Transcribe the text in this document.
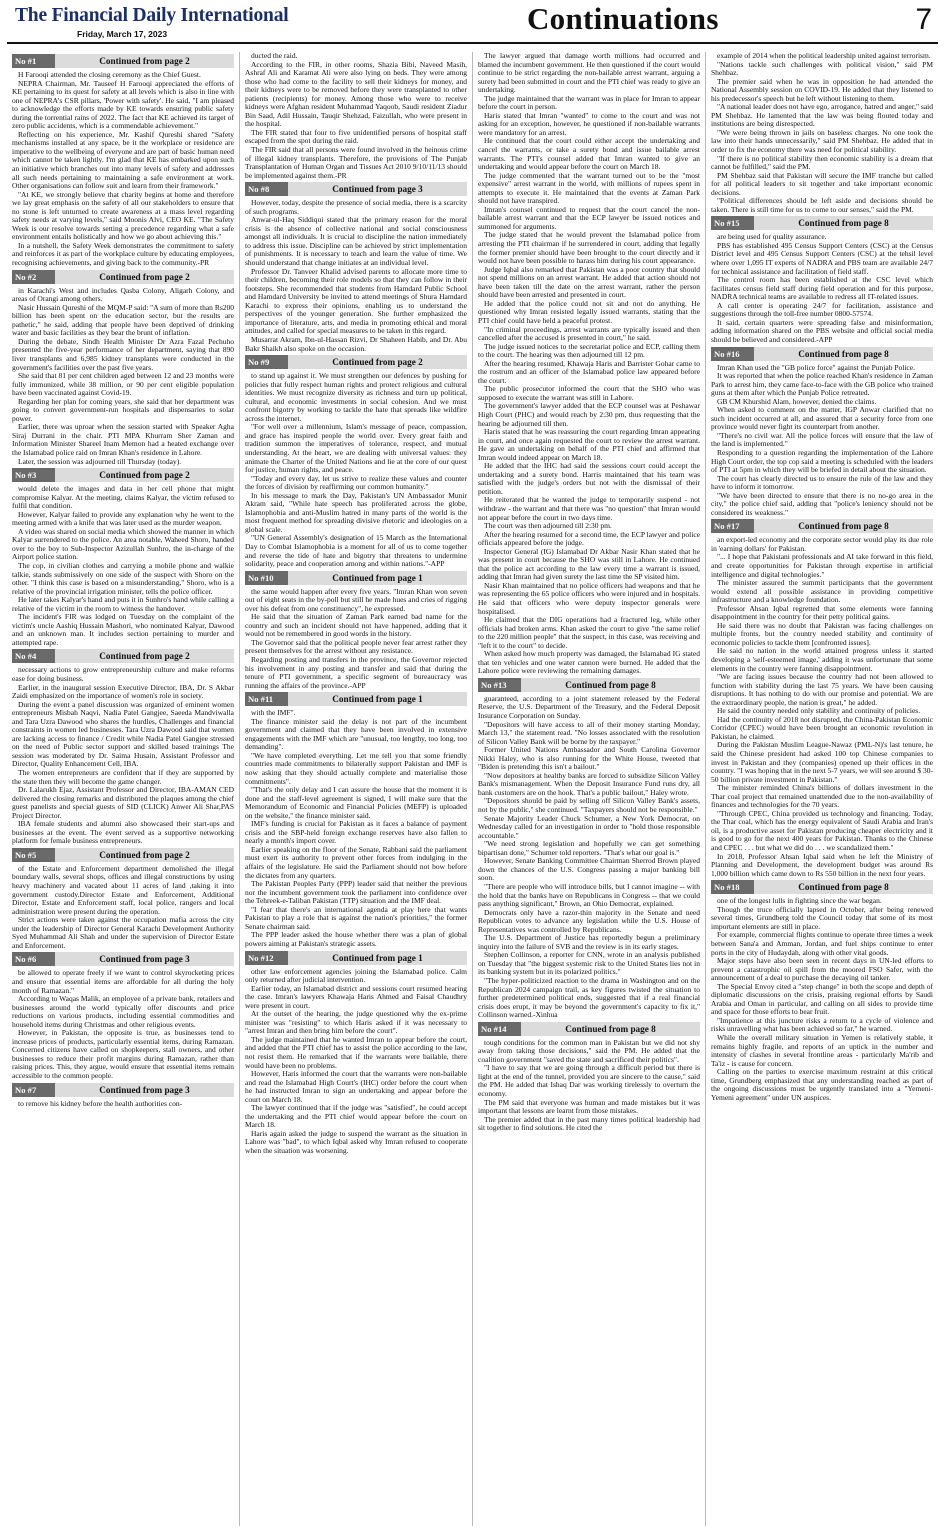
The Financial Daily International
Friday, March 17, 2023	Continuations	7
No #1	Continued from page 2

H Farooqi attended the closing ceremony as the Chief Guest.

NEPRA Chairman, Mr. Tauseef H Farooqi appreciated the efforts of KE pertaining to its quest for safety at all levels which is also in line with one of NEPRA's CSR pillars, 'Power with safety'. He said, "I am pleased to acknowledge the efforts made by KE towards ensuring public safety during the torrential rains of 2022. The fact that KE achieved its target of zero public accidents, which is a commendable achievement."

Reflecting on his experience, Mr. Kashif Qureshi shared "Safety mechanisms installed at any space, be it the workplace or residence are imperative to the wellbeing of everyone and are part of basic human need which cannot be taken lightly. I'm glad that KE has embarked upon such an initiative which branches out into many levels of safety and addresses all such needs pertaining to maintaining a safe environment at work. Other organisations can follow suit and learn from their framework."

"At KE, we strongly believe that charity begins at home and therefore we lay great emphasis on the safety of all our stakeholders to ensure that no stone is left unturned to create awareness at a mass level regarding safety needs at varying levels," said Moonis Alvi, CEO KE. "The Safety Week is our resolve towards setting a precedence regarding what a safe environment entails holistically and how we go about achieving this."

In a nutshell, the Safety Week demonstrates the commitment to safety and reinforces it as part of the workplace culture by educating employees, recognising achievements, and giving back to the community.-PR

No #2	Continued from page 2

in Karachi's West and includes Qasba Colony, Aligarh Colony, and areas of Orangi among others.

Nasir Hussain Qureshi of the MQM-P said: "A sum of more than Rs200 billion has been spent on the education sector, but the results are pathetic," he said, adding that people have been deprived of drinking water and basic facilities as they bear the brunt of inflation.

During the debate, Sindh Health Minister Dr Azra Fazal Pechuho presented the five-year performance of her department, saying that 890 liver transplants and 6,985 kidney transplants were conducted in the government's facilities over the past five years.

She said that 81 per cent children aged between 12 and 23 months were fully immunized, while 38 million, or 90 per cent eligible population have been vaccinated against Covid-19.

Regarding her plan for coming years, she said that her department was going to convert government-run hospitals and dispensaries to solar power.

Earlier, there was uproar when the session started with Speaker Agha Siraj Durrani in the chair. PTI MPA Khurram Sher Zaman and Information Minister Shareel Inam Memon had a heated exchange over the Islamabad police raid on Imran Khan's residence in Lahore.

Later, the session was adjourned till Thursday (today).

No #3	Continued from page 2

would delete the images and data in her cell phone that might compromise Kalyar. At the meeting, claims Kalyar, the victim refused to fulfil that condition.

However, Kalyar failed to provide any explanation why he went to the meeting armed with a knife that was later used as the murder weapon.

A video was shared on social media which showed the manner in which Kalyar surrendered to the police. An area notable, Waheed Shoro, handed over to the boy to Sub-Inspector Azizullah Sunhro, the in-charge of the Airport police station.

The cop, in civilian clothes and carrying a mobile phone and walkie talkie, stands submissively on one side of the suspect with Shoro on the other. "I think this case is based on a misunderstanding," Shoro, who is a relative of the provincial irrigation minister, tells the police officer.

He later takes Kalyar's hand and puts it in Sunhro's hand while calling a relative of the victim in the room to witness the handover.

The incident's FIR was lodged on Tuesday on the complaint of the victim's uncle Aashiq Hussain Mashori, who nominated Kalyar, Dawood and an unknown man. It includes section pertaining to murder and attempted rape.

No #4	Continued from page 2

necessary actions to grow entrepreneurship culture and make reforms ease for doing business.

Earlier, in the inaugural session Executive Director, IBA, Dr. S Akbar Zaidi emphasized on the importance of women's role in society.

During the event a panel discussion was organized of eminent women entrepreneurs Misbah Naqvi, Nadia Patel Gangjee, Saeeda Mandviwalla and Tara Uzra Dawood who shares the hurdles, Challenges and financial constraints in women led businesses. Tara Uzra Dawood said that women are lacking access to finance / Credit while Nadia Patel Gangjee stressed on the need of Public sector support and skilled based trainings The session was moderated by Dr. Saima Husain, Assistant Professor and Director, Quality Enhancement Cell, IBA.

The women entrepreneurs are confident that if they are supported by the state then they will become the game changer.

Dr. Lalarukh Ejaz, Assistant Professor and Director, IBA-AMAN CED delivered the closing remarks and distributed the plaques among the chief guest panelists and special guests of SID (CLICK) Anwer Ali Shar,PAS Project Director.

IBA female students and alumni also showcased their start-ups and businesses at the event. The event served as a supportive networking platform for female business entrepreneurs.

No #5	Continued from page 2

of the Estate and Enforcement department demolished the illegal boundary walls, several shops, offices and illegal constructions by using heavy machinery and vacated about 11 acres of land ,taking it into government custody.Director Estate and Enforcement, Additional Director, Estate and Enforcement staff, local police, rangers and local administration were present during the operation.

Strict actions were taken against the occupation mafia across the city under the leadership of Director General Karachi Development Authority Syed Muhammad Ali Shah and under the supervision of Director Estate and Enforcement.

No #6	Continued from page 3

be allowed to operate freely if we want to control skyrocketing prices and ensure that essential items are affordable for all during the holy month of Ramazan."

According to Waqas Malik, an employee of a private bank, retailers and businesses around the world typically offer discounts and price reductions on various products, including essential commodities and household items during Christmas and other religious events.

However, in Pakistan, the opposite is true, as businesses tend to increase prices of products, particularly essential items, during Ramazan. Concerned citizens have called on shopkeepers, stall owners, and other businesses to reduce their profit margins during Ramazan, rather than raising prices. This, they argue, would ensure that essential items remain accessible to the common people.

No #7	Continued from page 3

to remove his kidney before the health authorities con-

ducted the raid.

According to the FIR, in other rooms, Shazia Bibi, Naveed Masih, Ashraf Ali and Karamat Ali were also lying on beds. They were among those who had come to the facility to sell their kidneys for money, and their kidneys were to be removed before they were transplanted to other patients (recipients) for money. Among those who were to receive kidneys were Afghan resident Muhammad Yaqoob, Saudi resident Ziadur Bin Saad, Adil Hussain, Tauqir Shehzad, Faizullah, who were present in the hospital.

The FIR stated that four to five unidentified persons of hospital staff escaped from the spot during the raid.

The FIR said that all persons were found involved in the heinous crime of illegal kidney transplants. Therefore, the provisions of The Punjab Transplantation of Human Organ and Tissues Act 2010 9/10/11/13 should be implemented against them.-PR

No #8	Continued from page 3

However, today, despite the presence of social media, there is a scarcity of such programs.

Anwar-ul-Haq Siddiqui stated that the primary reason for the moral crisis is the absence of collective national and social consciousness amongst all individuals. It is crucial to discipline the nation immediately to address this issue. Discipline can be achieved by strict implementation of punishments. It is necessary to teach and learn the value of time. We should understand that change initiates at an individual level.

Professor Dr. Tanveer Khalid advised parents to allocate more time to their children, becoming their role models so that they can follow in their footsteps. She recommended that students from Hamdard Public School and Hamdard University be invited to attend meetings of Shura Hamdard Karachi to express their opinions, enabling us to understand the perspectives of the younger generation. She further emphasized the importance of literature, arts, and media in promoting ethical and moral attitudes, and called for special measures to be taken in this regard.

Musarrat Akram, Ibn-ul-Hassan Rizvi, Dr Shaheen Habib, and Dr. Abu Bakr Shaikh also spoke on the occasion.

No #9	Continued from page 2

to stand up against it. We must strengthen our defences by pushing for policies that fully respect human rights and protect religious and cultural identities. We must recognize diversity as richness and turn up political, cultural, and economic investments in social cohesion. And we must confront bigotry by working to tackle the hate that spreads like wildfire across the internet.

"For well over a millennium, Islam's message of peace, compassion, and grace has inspired people the world over. Every great faith and tradition summon the imperatives of tolerance, respect, and mutual understanding. At the heart, we are dealing with universal values: they animate the Charter of the United Nations and lie at the core of our quest for justice, human rights, and peace.

"Today and every day, let us strive to realize these values and counter the forces of division by reaffirming our common humanity."

In his message to mark the Day, Pakistan's UN Ambassador Munir Akram said, "While hate speech has proliferated across the globe, Islamophobia and anti-Muslim hatred in many parts of the world is the most frequent method for spreading divisive rhetoric and ideologies on a global scale.

"UN General Assembly's designation of 15 March as the International Day to Combat Islamophobia is a moment for all of us to come together and reverse the tide of hate and bigotry that threatens to undermine solidarity, peace and cooperation among and within nations."-APP

No #10	Continued from page 1

the same would happen after every five years. "Imran Khan won seven out of eight seats in the by-poll but still he made hues and cries of rigging over his defeat from one constituency", he expressed.

He said that the situation of Zaman Park earned bad name for the country and such an incident should not have happened, adding that it would not be remembered in good words in the history.

The Governor said that the political people never fear arrest rather they present themselves for the arrest without any resistance.

Regarding posting and transfers in the province, the Governor rejected his involvement in any posting and transfer and said that during the tenure of PTI government, a specific segment of bureaucracy was running the affairs of the province.-APP

No #11	Continued from page 1

with the IMF".

The finance minister said the delay is not part of the incumbent government and claimed that they have been involved in extensive engagements with the IMF which are "unusual, too lengthy, too long, too demanding".

"We have completed everything. Let me tell you that some friendly countries made commitments to bilaterally support Pakistan and IMF is now asking that they should actually complete and materialise those commitments".

"That's the only delay and I can assure the house that the moment it is done and the staff-level agreement is signed, I will make sure that the Memorandum of Economic and Financial Policies (MEFP) is uploaded on the website," the finance minister said.

IMF's funding is crucial for Pakistan as it faces a balance of payment crisis and the SBP-held foreign exchange reserves have also fallen to nearly a month's import cover.

Earlier speaking on the floor of the Senate, Rabbani said the parliament must exert its authority to prevent other forces from indulging in the affairs of the legislature. He said the Parliament should not bow before the dictates from any quarters.

The Pakistan Peoples Party (PPP) leader said that neither the previous nor the incumbent government took the parliament into confidence over the Tehreek-e-Taliban Pakistan (TTP) situation and the IMF deal.

"I fear that there's an international agenda at play here that wants Pakistan to play a role that is against the nation's priorities," the former Senate chairman said.

The PPP leader asked the house whether there was a plan of global powers aiming at Pakistan's strategic assets.

No #12	Continued from page 1

other law enforcement agencies joining the Islamabad police. Calm only returned after judicial intervention.

Earlier today, an Islamabad district and sessions court resumed hearing the case. Imran's lawyers Khawaja Haris Ahmed and Faisal Chaudhry were present in court.

At the outset of the hearing, the judge questioned why the ex-prime minister was "resisting" to which Haris asked if it was necessary to "arrest Imran and then bring him before the court".

The judge maintained that he wanted Imran to appear before the court, and added that the PTI chief has to assist the police according to the law, not resist them. He remarked that if the warrants were bailable, there would have been no problems.

However, Haris informed the court that the warrants were non-bailable and read the Islamabad High Court's (IHC) order before the court when he had instructed Imran to sign an undertaking and appear before the court on March 18.

The lawyer continued that if the judge was "satisfied", he could accept the undertaking and the PTI chief would appear before the court on March 18.

Haris again asked the judge to suspend the warrant as the situation in Lahore was "bad", to which Iqbal asked why Imran refused to cooperate when the situation was worsening.

The lawyer argued that damage worth millions had occurred and blamed the incumbent government. He then questioned if the court would continue to be strict regarding the non-bailable arrest warrant, arguing a surety had been submitted in court and the PTI chief was ready to give an undertaking.

The judge maintained that the warrant was in place for Imran to appear before the court in person.

Haris stated that Imran "wanted" to come to the court and was not asking for an exception, however, he questioned if non-bailable warrants were mandatory for an arrest.

He continued that the court could either accept the undertaking and cancel the warrants, or take a surety bond and issue bailable arrest warrants. The PTI's counsel added that Imran wanted to give an undertaking and would appear before the court on March 18.

The judge commented that the warrant turned out to be the "most expensive" arrest warrant in the world, with millions of rupees spent in attempts to execute it. He maintained that the events at Zaman Park should not have transpired.

Imran's counsel continued to request that the court cancel the non-bailable arrest warrant and that the ECP lawyer be issued notices and summoned for arguments.

The judge stated that he would prevent the Islamabad police from arresting the PTI chairman if he surrendered in court, adding that legally the former premier should have been brought to the court directly and it would not have been possible to harass him during his court appearance.

Judge Iqbal also remarked that Pakistan was a poor country that should not spend millions on an arrest warrant. He added that action should not have been taken till the date on the arrest warrant, rather the person should have been arrested and presented in court.

He added that the police could not sit and not do anything. He questioned why Imran resisted legally issued warrants, stating that the PTI chief could have held a peaceful protest.

"In criminal proceedings, arrest warrants are typically issued and then cancelled after the accused is presented in court," he said.

The judge issued notices to the secretariat police and ECP, calling them to the court. The hearing was then adjourned till 12 pm.

After the hearing resumed, Khawaja Haris and Barrister Gohar came to the rostrum and an officer of the Islamabad police law appeared before the court.

The public prosecutor informed the court that the SHO who was supposed to execute the warrant was still in Lahore.

The government's lawyer added that the ECP counsel was at Peshawar High Court (PHC) and would reach by 2:30 pm, thus requesting that the hearing be adjourned till then.

Haris stated that he was reassuring the court regarding Imran appearing in court, and once again requested the court to review the arrest warrant. He gave an undertaking on behalf of the PTI chief and affirmed that Imran would indeed appear on March 18.

He added that the IHC had said the sessions court could accept the undertaking and a surety bond. Harris maintained that his team was satisfied with the judge's orders but not with the dismissal of their petition.

He reiterated that he wanted the judge to temporarily suspend - not withdraw - the warrant and that there was "no question" that Imran would not appear before the court in two days time.

The court was then adjourned till 2:30 pm.

After the hearing resumed for a second time, the ECP lawyer and police officials appeared before the judge.

Inspector General (IG) Islamabad Dr Akbar Nasir Khan stated that he was present in court because the SHO was still in Lahore. He continued that the police act according to the law every time a warrant is issued, adding that Imran had given surety the last time the SP visited him.

Nasir Khan maintained that no police officers had weapons and that he was representing the 65 police officers who were injured and in hospitals. He said that officers who were deputy inspector generals were hospitalised.

He claimed that the DIG operations had a fractured leg, while other officials had broken arms. Khan asked the court to give "the same relief to the 220 million people" that the suspect, in this case, was receiving and "left it to the court" to decide.

When asked how much property was damaged, the Islamabad IG stated that ten vehicles and one water cannon were burned. He added that the Lahore police were reviewing the remaining damages.

No #13	Continued from page 8

guaranteed, according to a joint statement released by the Federal Reserve, the U.S. Department of the Treasury, and the Federal Deposit Insurance Corporation on Sunday.

"Depositors will have access to all of their money starting Monday, March 13," the statement read. "No losses associated with the resolution of Silicon Valley Bank will be borne by the taxpayer."

Former United Nations Ambassador and South Carolina Governor Nikki Haley, who is also running for the White House, tweeted that "Biden is pretending this isn't a bailout."

"Now depositors at healthy banks are forced to subsidize Silicon Valley Bank's mismanagement. When the Deposit Insurance Fund runs dry, all bank customers are on the hook. That's a public bailout," Haley wrote.

"Depositors should be paid by selling off Silicon Valley Bank's assets, not by the public," she continued. "Taxpayers should not be responsible."

Senate Majority Leader Chuck Schumer, a New York Democrat, on Wednesday called for an investigation in order to "hold those responsible accountable."

"We need strong legislation and hopefully we can get something bipartisan done," Schumer told reporters. "That's what our goal is."

However, Senate Banking Committee Chairman Sherrod Brown played down the chances of the U.S. Congress passing a major banking bill soon.

"There are people who will introduce bills, but I cannot imagine -- with the hold that the banks have on Republicans in Congress -- that we could pass anything significant," Brown, an Ohio Democrat, explained.

Democrats only have a razor-thin majority in the Senate and need Republican votes to advance any legislation while the U.S. House of Representatives was controlled by Republicans.

The U.S. Department of Justice has reportedly begun a preliminary inquiry into the failure of SVB and the review is in its early stages.

Stephen Collinson, a reporter for CNN, wrote in an analysis published on Tuesday that "the biggest systemic risk to the United States lies not in its banking system but in its polarized politics."

"The hyper-politicized reaction to the drama in Washington and on the Republican 2024 campaign trail, as key figures twisted the situation to further predetermined political ends, suggested that if a real financial crisis does erupt, it may be beyond the government's capacity to fix it," Collinson warned.-Xinhua

No #14	Continued from page 8

tough conditions for the common man in Pakistan but we did not shy away from taking those decisions," said the PM. He added that the coalition government "saved the state and sacrificed their politics".

"I have to say that we are going through a difficult period but there is light at the end of the tunnel, provided you are sincere to the cause," said the PM. He added that Ishaq Dar was working tirelessly to overturn the economy.

The PM said that everyone was human and made mistakes but it was important that lessons are learnt from those mistakes.

The premier added that in the past many times political leadership had sit together to find solutions. He cited the

example of 2014 when the political leadership united against terrorism.

"Nations tackle such challenges with political vision," said PM Shehbaz.

The premier said when he was in opposition he had attended the National Assembly session on COVID-19. He added that they listened to his predecessor's speech but he left without listening to them.

"A national leader does not have ego, arrogance, hatred and anger," said PM Shehbaz. He lamented that the law was being flouted today and institutions are being disrespected.

"We were being thrown in jails on baseless charges. No one took the law into their hands unnecessarily," said PM Shehbaz. He added that in order to fix the economy there was need for political stability.

"If there is no political stability then economic stability is a dream that cannot be fulfilled," said the PM.

PM Shehbaz said that Pakistan will secure the IMF tranche but called for all political leaders to sit together and take important economic decisions.

"Political differences should be left aside and decisions should be taken. There is still time for us to come to our senses," said the PM.

No #15	Continued from page 8

are being used for quality assurance.

PBS has established 495 Census Support Centers (CSC) at the Census District level and 495 Census Support Centers (CSC) at the tehsil level where over 1,095 IT experts of NADRA and PBS team are available 24/7 for technical assistance and facilitation of field staff.

The control room has been established at the CSC level which facilitates census field staff during field operation and for this purpose, NADRA technical teams are available to redress all IT-related issues.

A call center is operating 24/7 for facilitation, assistance and suggestions through the toll-free number 0800-57574.

It said, certain quarters were spreading false and misinformation, adding information shared on the PBS website and official social media should be believed and considered.-APP

No #16	Continued from page 8

Imran Khan used the "GB police force" against the Punjab Police.

It was reported that when the police reached Khan's residence in Zaman Park to arrest him, they came face-to-face with the GB police who trained guns at them after which the Punjab Police retreated.

GB CM Khurshid Alam, however, denied the claims.

When asked to comment on the matter, IGP Anwar clarified that no such incident occurred at all, and assured that a security force from one province would never fight its counterpart from another.

"There's no civil war. All the police forces will ensure that the law of the land is implemented."

Responding to a question regarding the implementation of the Lahore High Court order, the top cop said a meeting is scheduled with the leaders of PTI at 5pm in which they will be briefed in detail about the situation.

The court has clearly directed us to ensure the rule of the law and they have to inform it tomorrow.

"We have been directed to ensure that there is no no-go area in the city," the police chief said, adding that "police's leniency should not be considered its weakness."

No #17	Continued from page 8

an export-led economy and the corporate sector would play its due role in 'earning dollars' for Pakistan.

"... I hope that Pakistani professionals and AI take forward in this field, and create opportunities for Pakistan through expertise in artificial intelligence and digital technologies."

The minister assured the summit participants that the government would extend all possible assistance in providing competitive infrastructure and a knowledge foundation.

Professor Ahsan Iqbal regretted that some elements were fanning disappointment in the country for their petty political gains.

He said there was no doubt that Pakistan was facing challenges on multiple fronts, but the country needed stability and continuity of economic policies to tackle them [confronted issues].

He said no nation in the world attained progress unless it started developing a 'self-esteemed image,' adding it was unfortunate that some elements in the country were fanning disappointment.

"We are facing issues because the country had not been allowed to function with stability during the last 75 years. We have been causing disruptions. It has nothing to do with our promise and potential. We are the extraordinary people, the nation is great," he added.

He said the country needed only stability and continuity of policies.

Had the continuity of 2018 not disrupted, the China-Pakistan Economic Corridor (CPEC) would have been brought an economic revolution in Pakistan, he claimed.

During the Pakistan Muslim League-Nawaz (PML-N)'s last tenure, he said the Chinese president had asked 100 top Chinese companies to invest in Pakistan and they (companies) opened up their offices in the country. "I was hoping that in the next 5-7 years, we will see around $ 30-50 billion private investment in Pakistan."

The minister reminded China's billions of dollars investment in the Thar coal project that remained unattended due to the non-availability of finances and technologies for the 70 years.

"Through CPEC, China provided us technology and financing. Today, the Thar coal, which has the energy equivalent of Saudi Arabia and Iran's oil, is a productive asset for Pakistan producing cheaper electricity and it is good to go for the next 400 years for Pakistan. Thanks to the Chinese and CPEC . . . but what we did do . . . we scandalized them."

In 2018, Professor Ahsan Iqbal said when he left the Ministry of Planning and Development, the development budget was around Rs 1,000 billion which came down to Rs 550 billion in the next four years.

No #18	Continued from page 8

one of the longest lulls in fighting since the war began.

Though the truce officially lapsed in October, after being renewed several times, Grundberg told the Council today that some of its most important elements are still in place.

For example, commercial flights continue to operate three times a week between Sana'a and Amman, Jordan, and fuel ships continue to enter ports in the city of Hudaydah, along with other vital goods.

Major steps have also been seen in recent days in UN-led efforts to prevent a catastrophic oil spill from the moored FSO Safer, with the announcement of a deal to purchase the decaying oil tanker.

The Special Envoy cited a "step change" in both the scope and depth of diplomatic discussions on the crisis, praising regional efforts by Saudi Arabia and Oman in particular, and calling on all sides to provide time and space for those efforts to bear fruit.

"Impatience at this juncture risks a return to a cycle of violence and risks unravelling what has been achieved so far," he warned.

While the overall military situation in Yemen is relatively stable, it remains highly fragile, and reports of an uptick in the number and intensity of clashes in several frontline areas - particularly Ma'rib and Ta'iz - is cause for concern.

Calling on the parties to exercise maximum restraint at this critical time, Grundberg emphasized that any understanding reached as part of the ongoing discussions must be urgently translated into a "Yemeni-Yemeni agreement" under UN auspices.
